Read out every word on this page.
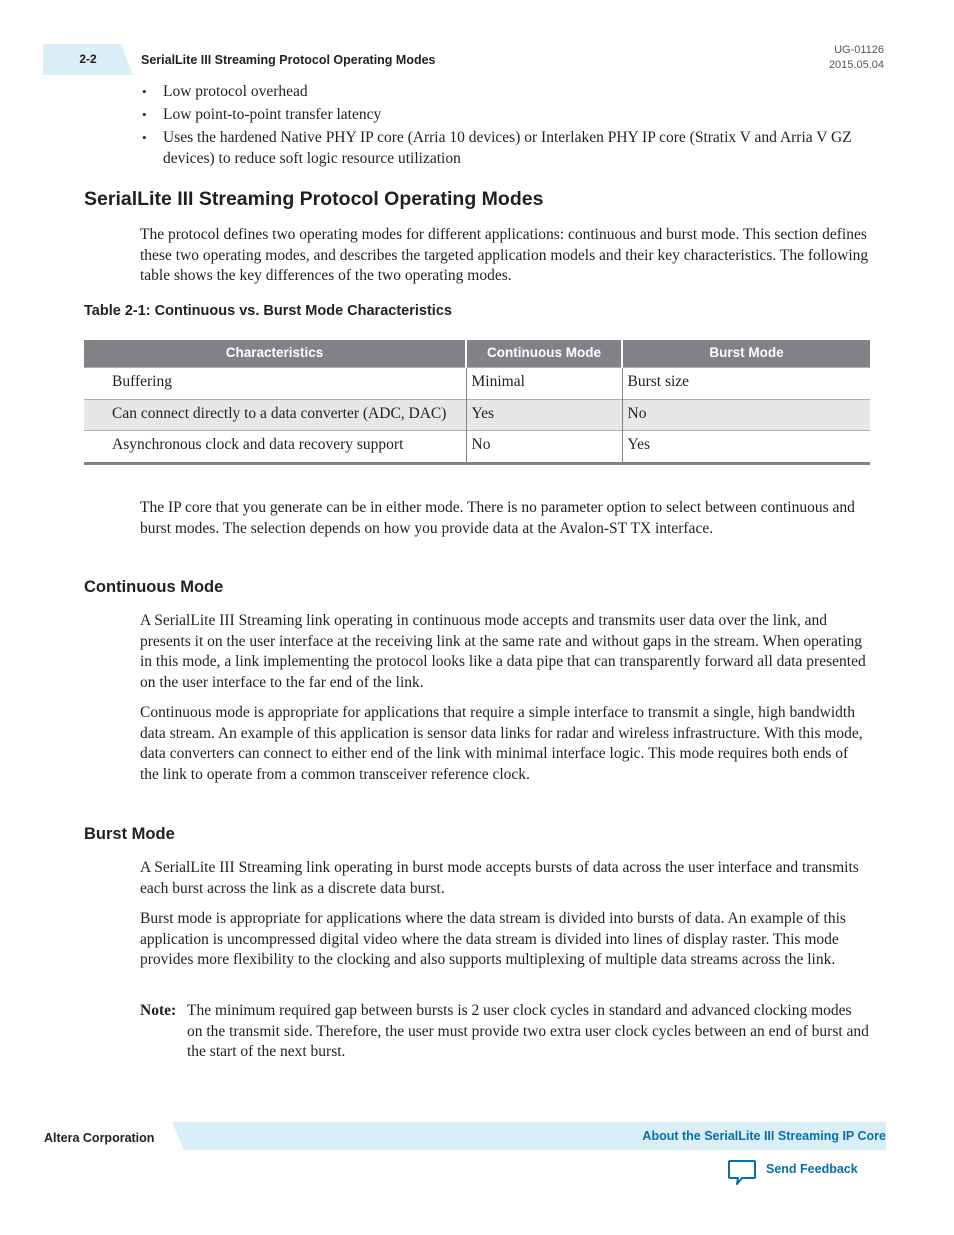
2-2	SerialLite III Streaming Protocol Operating Modes
UG-01126
2015.05.04
• Low protocol overhead
• Low point-to-point transfer latency
• Uses the hardened Native PHY IP core (Arria 10 devices) or Interlaken PHY IP core (Stratix V and Arria V GZ devices) to reduce soft logic resource utilization
SerialLite III Streaming Protocol Operating Modes

The protocol defines two operating modes for different applications: continuous and burst mode. This section defines these two operating modes, and describes the targeted application models and their key characteristics. The following table shows the key differences of the two operating modes.

Table 2-1: Continuous vs. Burst Mode Characteristics
Characteristics	Continuous Mode	Burst Mode
Buffering	Minimal	Burst size
Can connect directly to a data converter (ADC, DAC)	Yes	No
Asynchronous clock and data recovery support	No	Yes

The IP core that you generate can be in either mode. There is no parameter option to select between continuous and burst modes. The selection depends on how you provide data at the Avalon-ST TX interface.

Continuous Mode

A SerialLite III Streaming link operating in continuous mode accepts and transmits user data over the link, and presents it on the user interface at the receiving link at the same rate and without gaps in the stream. When operating in this mode, a link implementing the protocol looks like a data pipe that can transparently forward all data presented on the user interface to the far end of the link.

Continuous mode is appropriate for applications that require a simple interface to transmit a single, high bandwidth data stream. An example of this application is sensor data links for radar and wireless infrastructure. With this mode, data converters can connect to either end of the link with minimal interface logic. This mode requires both ends of the link to operate from a common transceiver reference clock.

Burst Mode

A SerialLite III Streaming link operating in burst mode accepts bursts of data across the user interface and transmits each burst across the link as a discrete data burst.

Burst mode is appropriate for applications where the data stream is divided into bursts of data. An example of this application is uncompressed digital video where the data stream is divided into lines of display raster. This mode provides more flexibility to the clocking and also supports multiplexing of multiple data streams across the link.

Note: The minimum required gap between bursts is 2 user clock cycles in standard and advanced clocking modes on the transmit side. Therefore, the user must provide two extra user clock cycles between an end of burst and the start of the next burst.
Altera Corporation	About the SerialLite III Streaming IP Core
Send Feedback
